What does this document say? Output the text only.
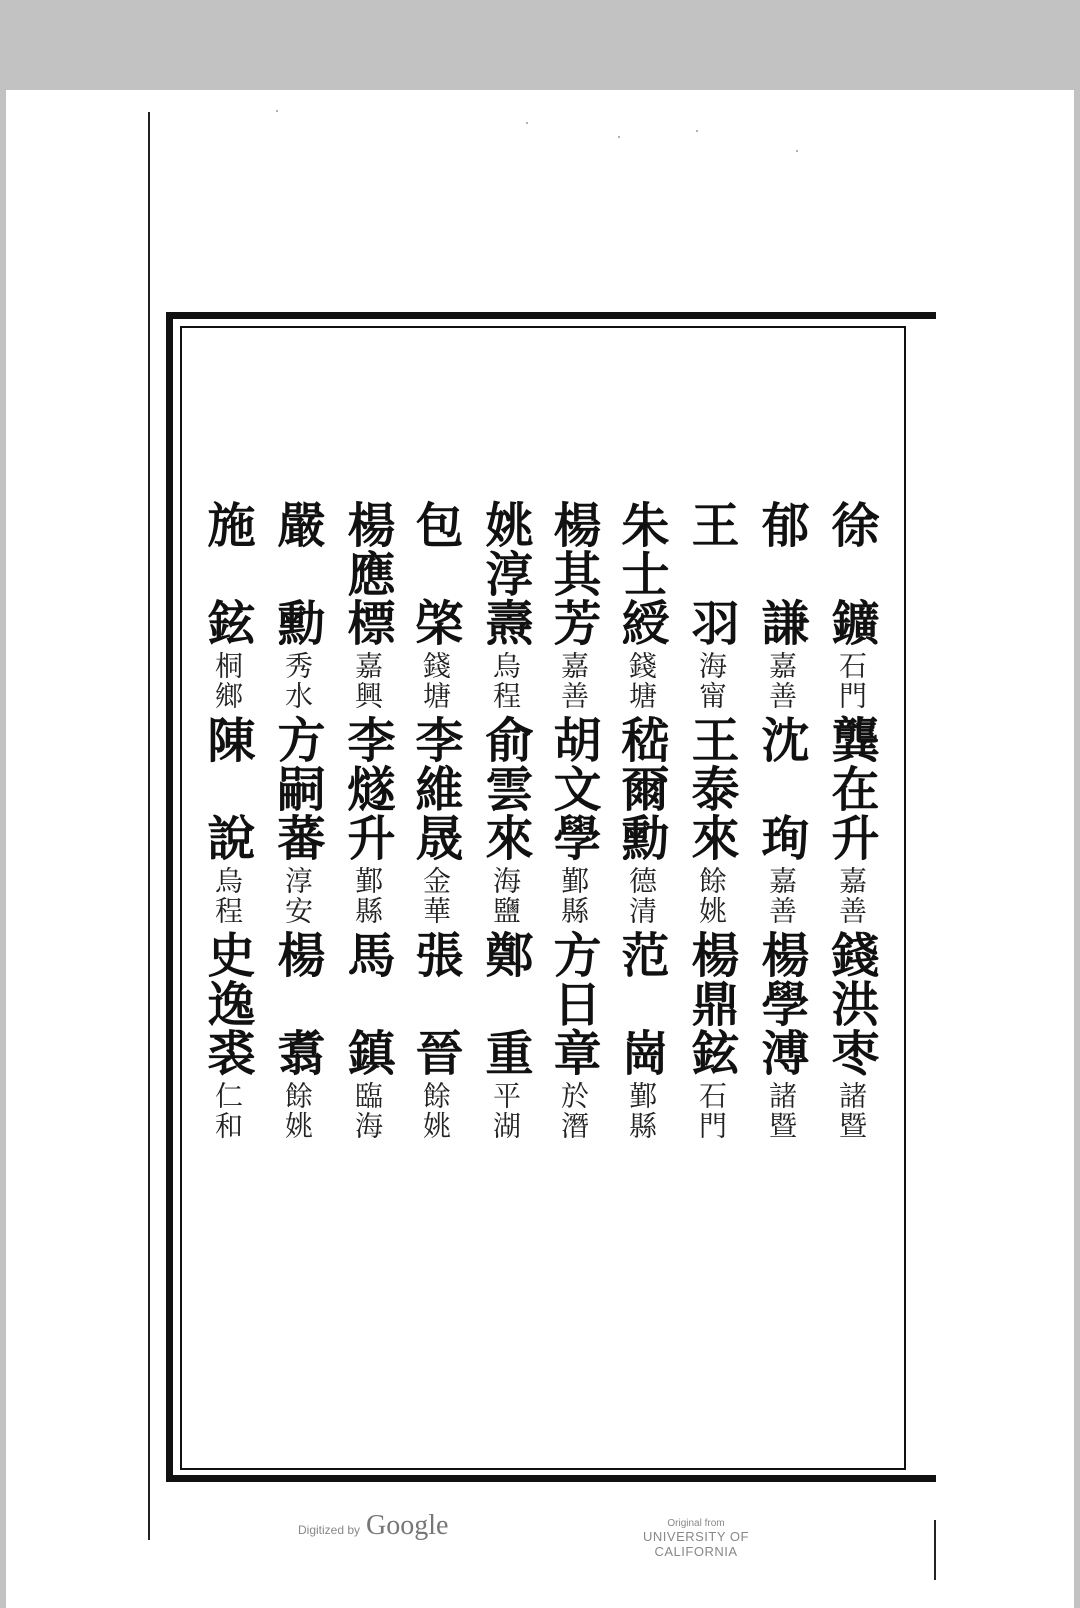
徐　鑛
石門
龔在升
嘉善
錢洪枣
諸暨
郁　謙
嘉善
沈　珣
嘉善
楊學溥
諸暨
王　羽
海甯
王泰來
餘姚
楊鼎鉉
石門
朱士綬
錢塘
嵇爾勳
德清
范　崗
鄞縣
楊其芳
嘉善
胡文學
鄞縣
方日章
於潛
姚淳燾
烏程
俞雲來
海鹽
鄭　重
平湖
包　棨
錢塘
李維晟
金華
張　晉
餘姚
楊應標
嘉興
李燧升
鄞縣
馬　鎮
臨海
嚴　勳
秀水
方嗣蕃
淳安
楊　翥
餘姚
施　鉉
桐鄉
陳　說
烏程
史逸裘
仁和
Digitized by Google	Original from
UNIVERSITY OF CALIFORNIA
